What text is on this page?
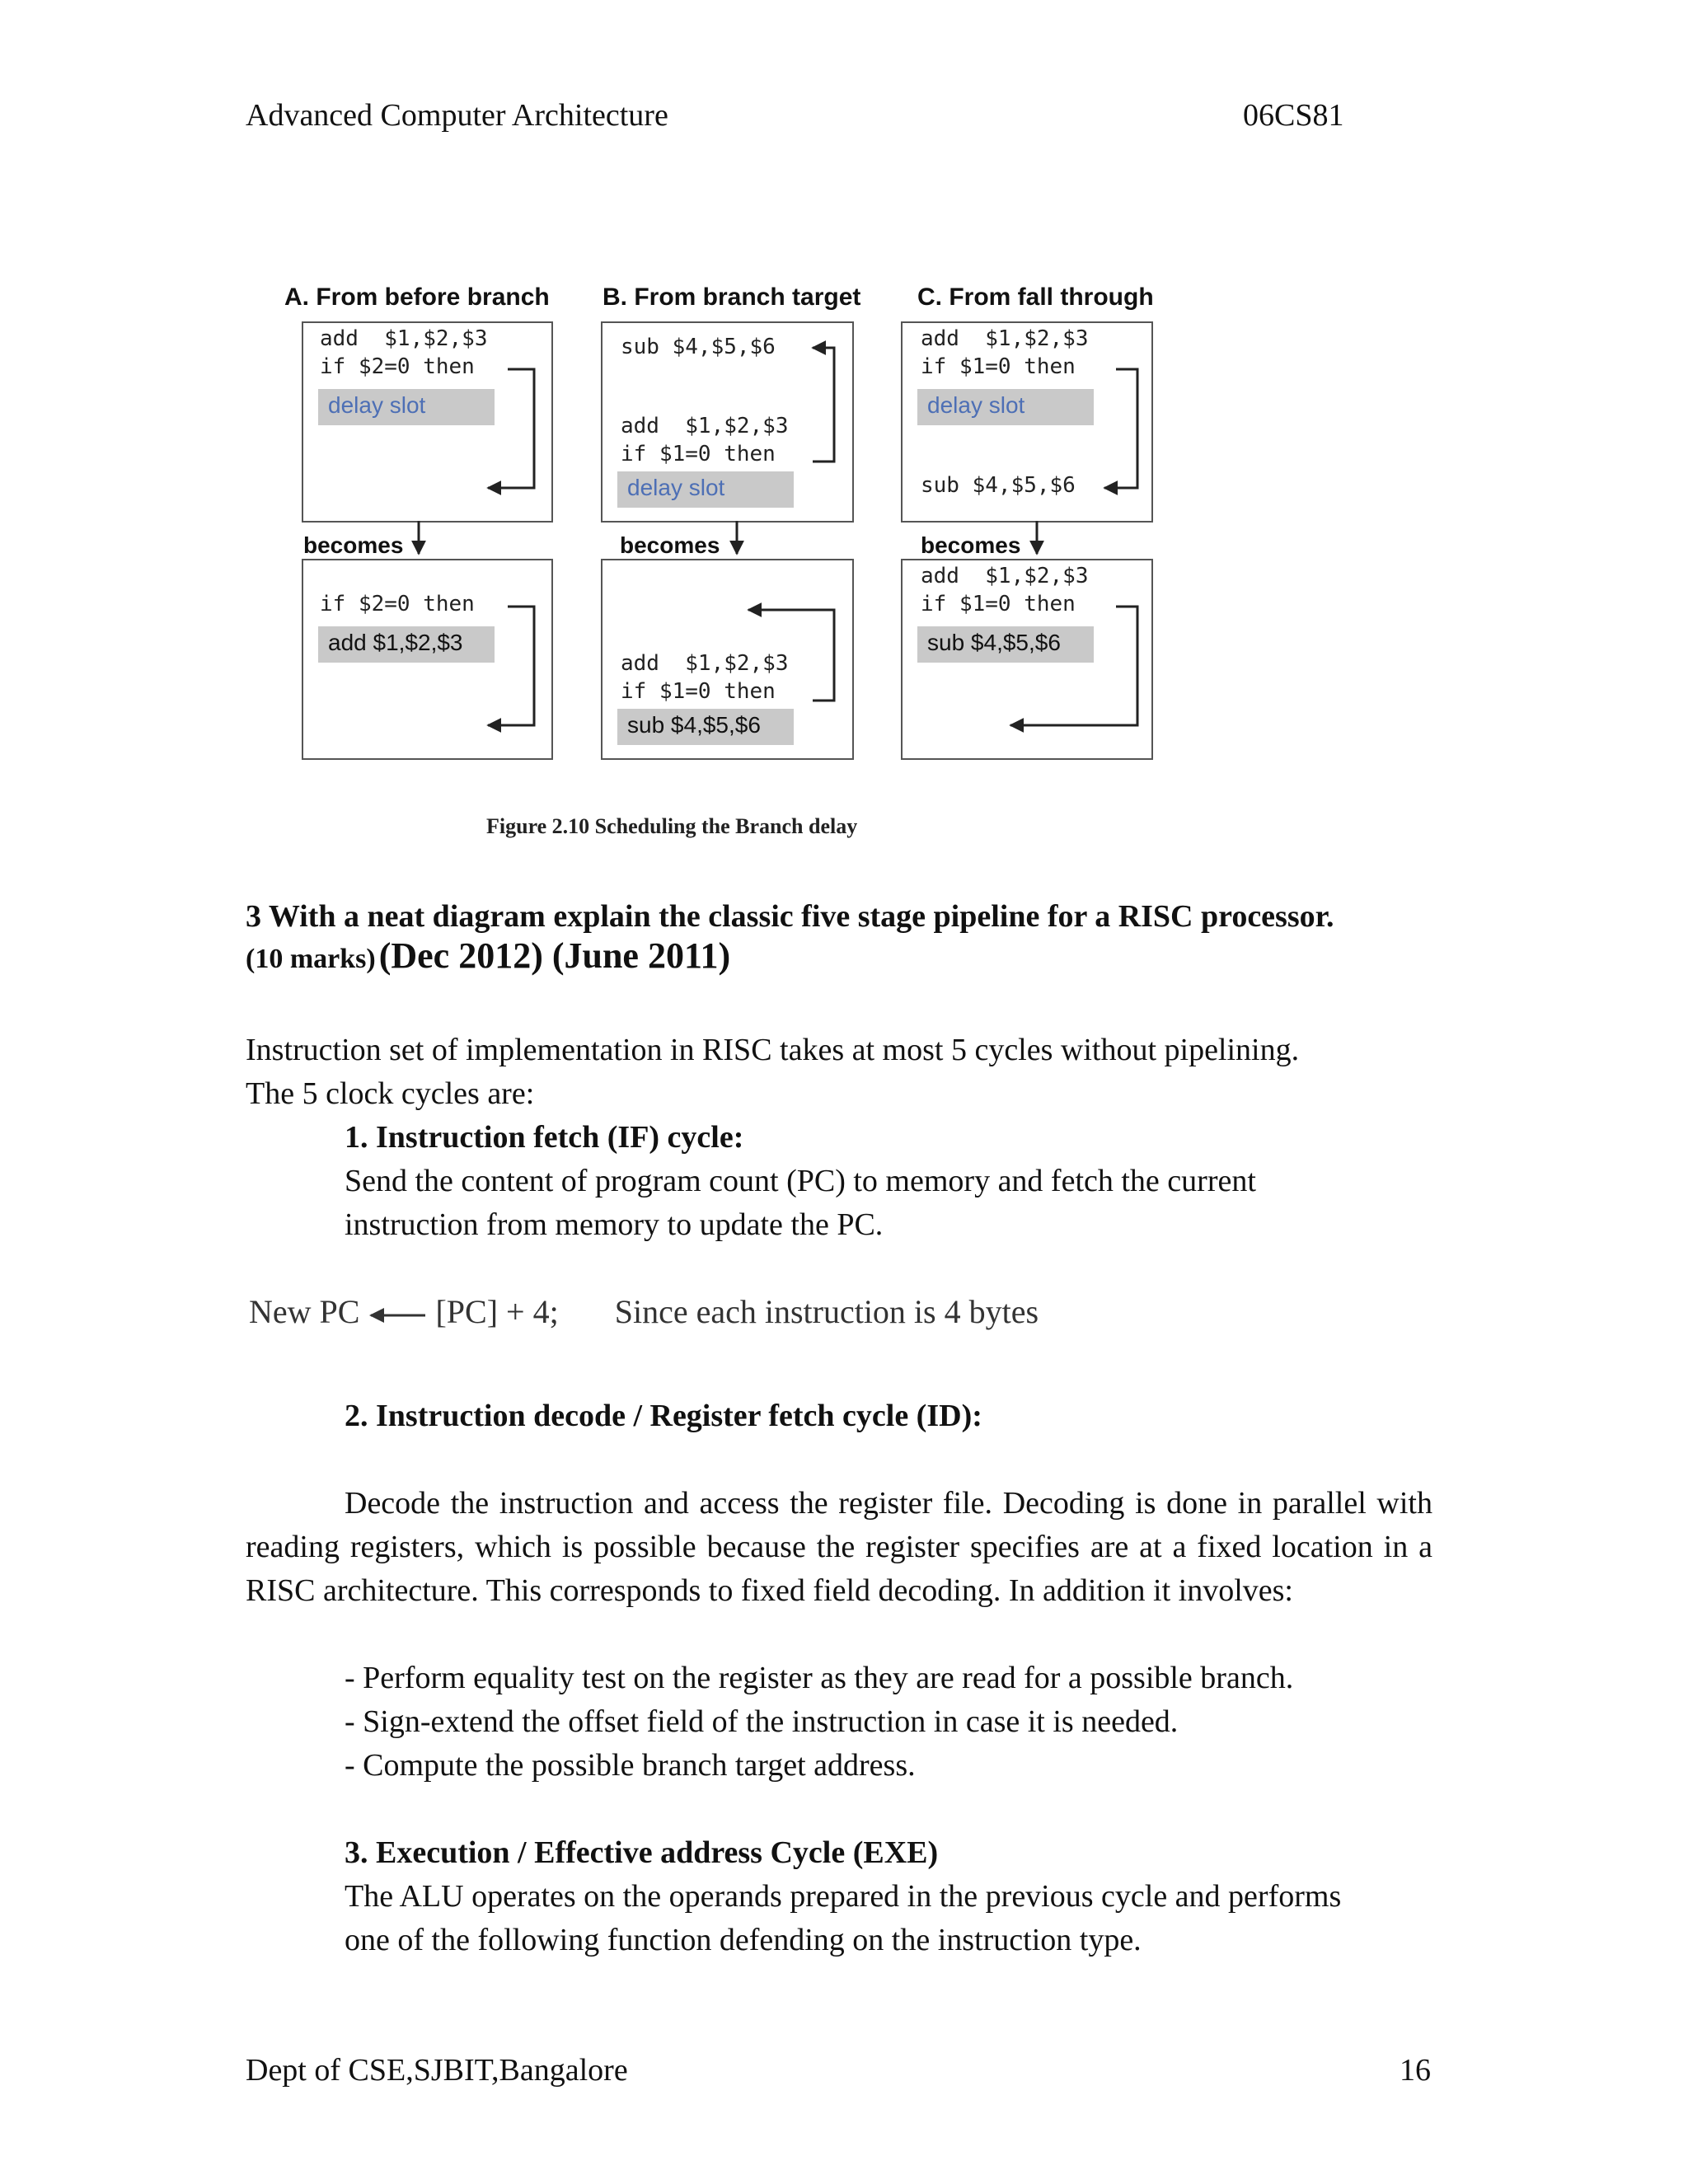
Advanced Computer Architecture	06CS81
A. From before branch
add  $1,$2,$3
if $2=0 then
delay slot
becomes
if $2=0 then
add $1,$2,$3
B. From branch target
sub $4,$5,$6
add  $1,$2,$3
if $1=0 then
delay slot
becomes
add  $1,$2,$3
if $1=0 then
sub $4,$5,$6
C. From fall through
add  $1,$2,$3
if $1=0 then
delay slot
sub $4,$5,$6
becomes
add  $1,$2,$3
if $1=0 then
sub $4,$5,$6
Figure 2.10 Scheduling the Branch delay
3 With a neat diagram explain the classic five stage pipeline for a RISC processor.
(10 marks) (Dec 2012) (June 2011)
Instruction set of implementation in RISC takes at most 5 cycles without pipelining.
The 5 clock cycles are:
1. Instruction fetch (IF) cycle:
Send the content of program count (PC) to memory and fetch the current
instruction from memory to update the PC.
New PC [PC] + 4; Since each instruction is 4 bytes
2. Instruction decode / Register fetch cycle (ID):
Decode the instruction and access the register file. Decoding is done in parallel with reading registers, which is possible because the register specifies are at a fixed location in a RISC architecture. This corresponds to fixed field decoding. In addition it involves:
- Perform equality test on the register as they are read for a possible branch.
- Sign-extend the offset field of the instruction in case it is needed.
- Compute the possible branch target address.
3. Execution / Effective address Cycle (EXE)
The ALU operates on the operands prepared in the previous cycle and performs
one of the following function defending on the instruction type.
Dept of CSE,SJBIT,Bangalore	16
